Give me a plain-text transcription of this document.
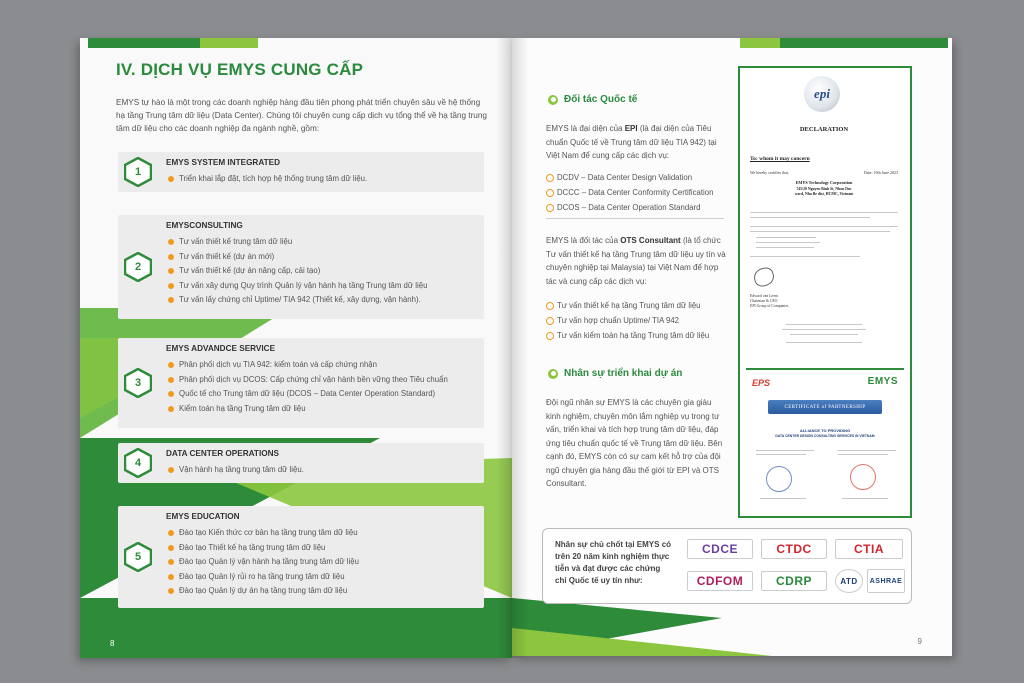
IV. DỊCH VỤ EMYS CUNG CẤP
EMYS tự hào là một trong các doanh nghiệp hàng đầu tiên phong phát triển chuyên sâu về hệ thống hạ tầng Trung tâm dữ liệu (Data Center). Chúng tôi chuyên cung cấp dịch vụ tổng thể về hạ tầng trung tâm dữ liệu cho các doanh nghiệp đa ngành nghề, gồm:
1
EMYS SYSTEM INTEGRATED
Triển khai lắp đặt, tích hợp hệ thống trung tâm dữ liệu.
2
EMYSCONSULTING
Tư vấn thiết kế trung tâm dữ liệu
Tư vấn thiết kế (dự án mới)
Tư vấn thiết kế (dự án nâng cấp, cải tạo)
Tư vấn xây dựng Quy trình Quản lý vận hành hạ tầng Trung tâm dữ liệu
Tư vấn lấy chứng chỉ Uptime/ TIA 942 (Thiết kế, xây dựng, vận hành).
3
EMYS ADVANDCE SERVICE
Phân phối dịch vụ TIA 942: kiểm toán và cấp chứng nhận
Phân phối dịch vụ DCOS: Cấp chứng chỉ vận hành bền vững theo Tiêu chuẩn
Quốc tế cho Trung tâm dữ liệu (DCOS – Data Center Operation Standard)
Kiểm toán hạ tầng Trung tâm dữ liệu
4
DATA CENTER OPERATIONS
Vận hành hạ tầng trung tâm dữ liệu.
5
EMYS EDUCATION
Đào tạo Kiến thức cơ bản hạ tầng trung tâm dữ liệu
Đào tạo Thiết kế hạ tầng trung tâm dữ liệu
Đào tạo Quản lý vận hành hạ tầng trung tâm dữ liệu
Đào tạo Quản lý rủi ro hạ tầng trung tâm dữ liệu
Đào tạo Quản lý dự án hạ tầng trung tâm dữ liệu
8
Đối tác Quốc tế
EMYS là đại diện của EPI (là đại diện của Tiêu chuẩn Quốc tế về Trung tâm dữ liệu TIA 942) tại Việt Nam để cung cấp các dịch vụ:
DCDV – Data Center Design Validation
DCCC – Data Center Conformity Certification
DCOS – Data Center Operation Standard
EMYS là đối tác của OTS Consultant (là tổ chức Tư vấn thiết kế hạ tầng Trung tâm dữ liệu uy tín và chuyên nghiệp tại Malaysia) tại Việt Nam để hợp tác và cung cấp các dịch vụ:
Tư vấn thiết kế hạ tầng Trung tâm dữ liệu
Tư vấn hợp chuẩn Uptime/ TIA 942
Tư vấn kiểm toán hạ tầng Trung tâm dữ liệu
Nhân sự triển khai dự án
Đội ngũ nhân sự EMYS là các chuyên gia giàu kinh nghiệm, chuyên môn lắm nghiệp vụ trong tư vấn, triển khai và tích hợp trung tâm dữ liệu, đáp ứng tiêu chuẩn quốc tế về Trung tâm dữ liệu. Bên cạnh đó, EMYS còn có sự cam kết hỗ trợ của đội ngũ chuyên gia hàng đầu thế giới từ EPI và OTS Consultant.
epi
DECLARATION
To: whom it may concern
We hereby certifies that,	Date: 19th June 2023
EMYS Technology Corporation
745/20 Nguyen Binh St, Nhon Duc ward, Nha Be dist, HCMC, Vietnam
Edward van Leent
Chairman & CEO
EPI Group of Companies
EPS	EMYS
CERTIFICATE of PARTNERSHIP
ALLIANCE TO PROVIDING
DATA CENTER DESIGN CONSULTING SERVICES IN VIETNAM
Nhân sự chủ chốt tại EMYS có trên 20 năm kinh nghiệm thực tiễn và đạt được các chứng chỉ Quốc tế uy tín như:
CDCE	CTDC	CTIA
CDFOM	CDRP	ATD	ASHRAE
9
